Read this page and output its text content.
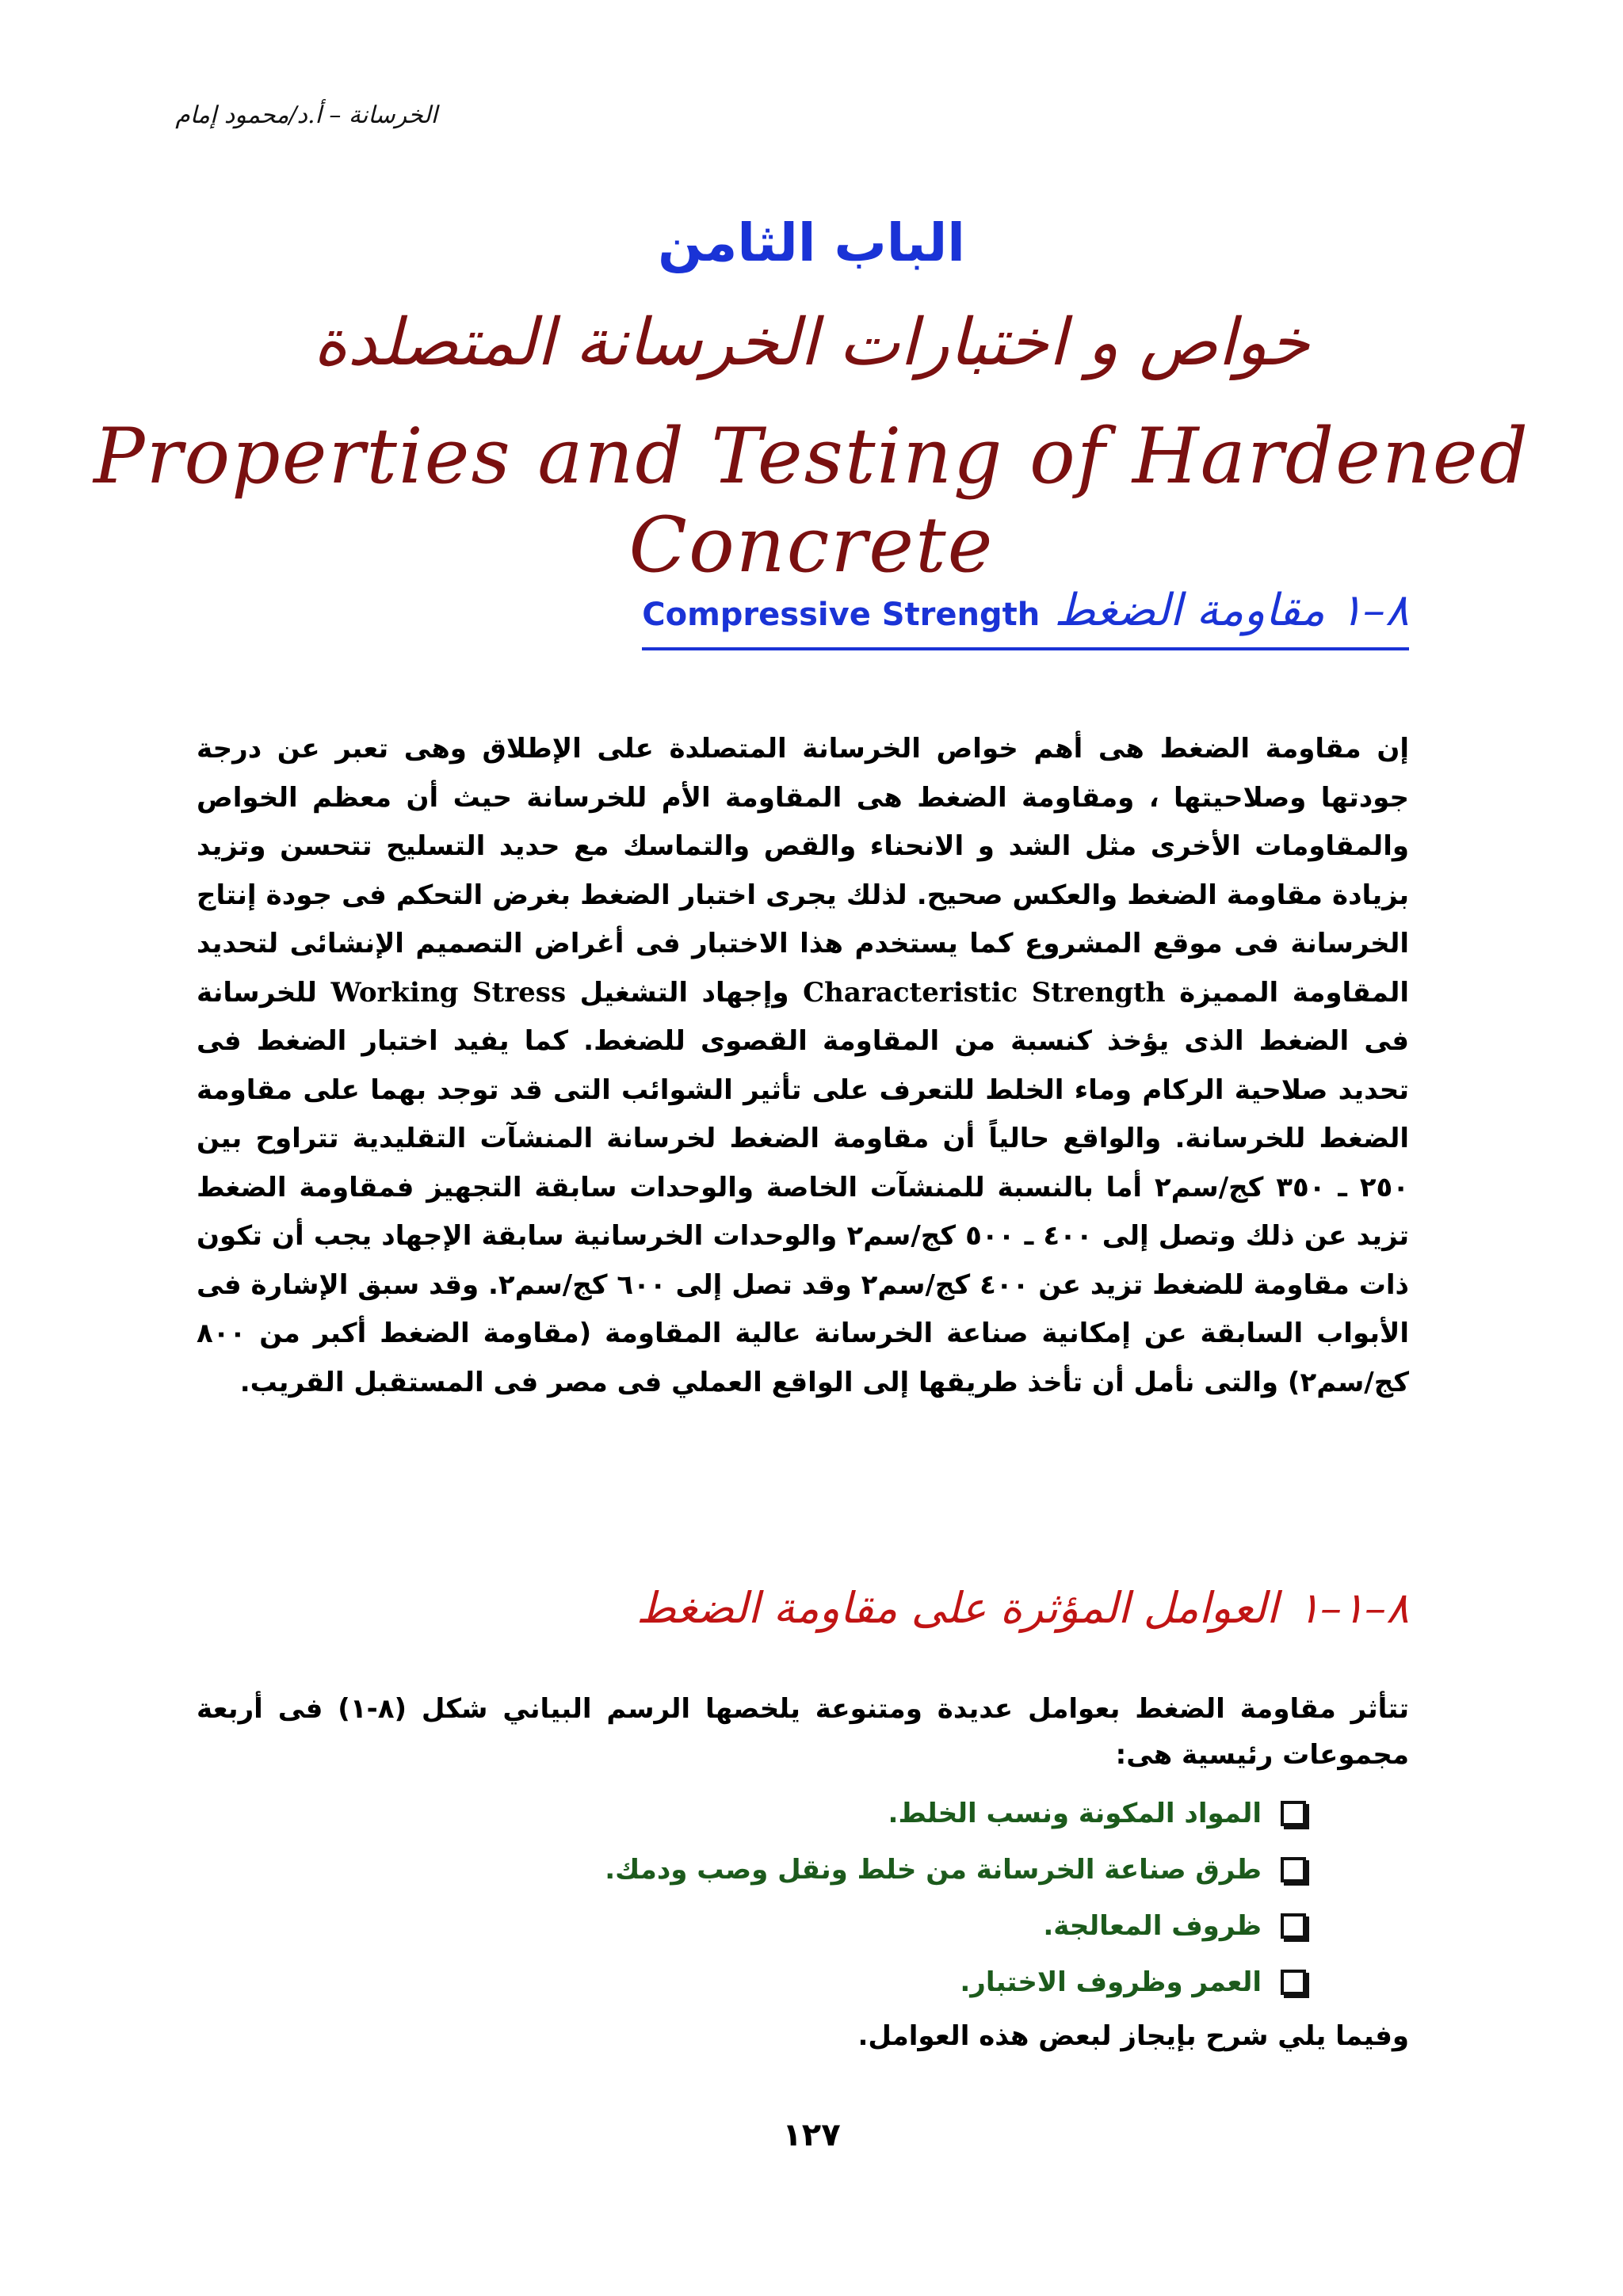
الخرسانة – أ.د/محمود إمام
الباب الثامن
خواص و اختبارات الخرسانة المتصلدة
Properties and Testing of Hardened Concrete
٨–١
مقاومة الضغط
Compressive Strength

إن مقاومة الضغط هى أهم خواص الخرسانة المتصلدة على الإطلاق وهى تعبر عن درجة جودتها وصلاحيتها ، ومقاومة الضغط هى المقاومة الأم للخرسانة حيث أن معظم الخواص والمقاومات الأخرى مثل الشد و الانحناء والقص والتماسك مع حديد التسليح تتحسن وتزيد بزيادة مقاومة الضغط والعكس صحيح. لذلك يجرى اختبار الضغط بغرض التحكم فى جودة إنتاج الخرسانة فى موقع المشروع كما يستخدم هذا الاختبار فى أغراض التصميم الإنشائى لتحديد المقاومة المميزة Characteristic Strength وإجهاد التشغيل Working Stress للخرسانة فى الضغط الذى يؤخذ كنسبة من المقاومة القصوى للضغط. كما يفيد اختبار الضغط فى تحديد صلاحية الركام وماء الخلط للتعرف على تأثير الشوائب التى قد توجد بهما على مقاومة الضغط للخرسانة. والواقع حالياً أن مقاومة الضغط لخرسانة المنشآت التقليدية تتراوح بين ٢٥٠ ـ ٣٥٠ كج/سم٢ أما بالنسبة للمنشآت الخاصة والوحدات سابقة التجهيز فمقاومة الضغط تزيد عن ذلك وتصل إلى ٤٠٠ ـ ٥٠٠ كج/سم٢ والوحدات الخرسانية سابقة الإجهاد يجب أن تكون ذات مقاومة للضغط تزيد عن ٤٠٠ كج/سم٢ وقد تصل إلى ٦٠٠ كج/سم٢. وقد سبق الإشارة فى الأبواب السابقة عن إمكانية صناعة الخرسانة عالية المقاومة (مقاومة الضغط أكبر من ٨٠٠ كج/سم٢) والتى نأمل أن تأخذ طريقها إلى الواقع العملي فى مصر فى المستقبل القريب.

٨–١–١
العوامل المؤثرة على مقاومة الضغط

تتأثر مقاومة الضغط بعوامل عديدة ومتنوعة يلخصها الرسم البياني شكل (٨-١) فى أربعة مجموعات رئيسية هى:

المواد المكونة ونسب الخلط.
طرق صناعة الخرسانة من خلط ونقل وصب ودمك.
ظروف المعالجة.
العمر وظروف الاختبار.
وفيما يلي شرح بإيجاز لبعض هذه العوامل.
١٢٧
